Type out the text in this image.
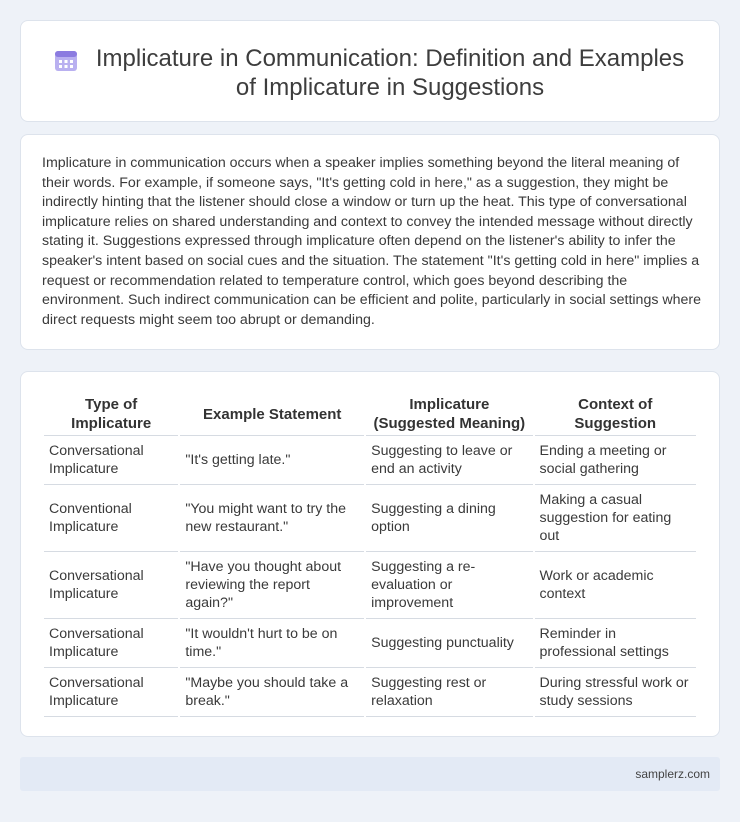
Implicature in Communication: Definition and Examples of Implicature in Suggestions

Implicature in communication occurs when a speaker implies something beyond the literal meaning of their words. For example, if someone says, "It's getting cold in here," as a suggestion, they might be indirectly hinting that the listener should close a window or turn up the heat. This type of conversational implicature relies on shared understanding and context to convey the intended message without directly stating it. Suggestions expressed through implicature often depend on the listener's ability to infer the speaker's intent based on social cues and the situation. The statement "It's getting cold in here" implies a request or recommendation related to temperature control, which goes beyond describing the environment. Such indirect communication can be efficient and polite, particularly in social settings where direct requests might seem too abrupt or demanding.

Type of Implicature	Example Statement	Implicature (Suggested Meaning)	Context of Suggestion
Conversational Implicature	"It's getting late."	Suggesting to leave or end an activity	Ending a meeting or social gathering
Conventional Implicature	"You might want to try the new restaurant."	Suggesting a dining option	Making a casual suggestion for eating out
Conversational Implicature	"Have you thought about reviewing the report again?"	Suggesting a re-evaluation or improvement	Work or academic context
Conversational Implicature	"It wouldn't hurt to be on time."	Suggesting punctuality	Reminder in professional settings
Conversational Implicature	"Maybe you should take a break."	Suggesting rest or relaxation	During stressful work or study sessions
samplerz.com
